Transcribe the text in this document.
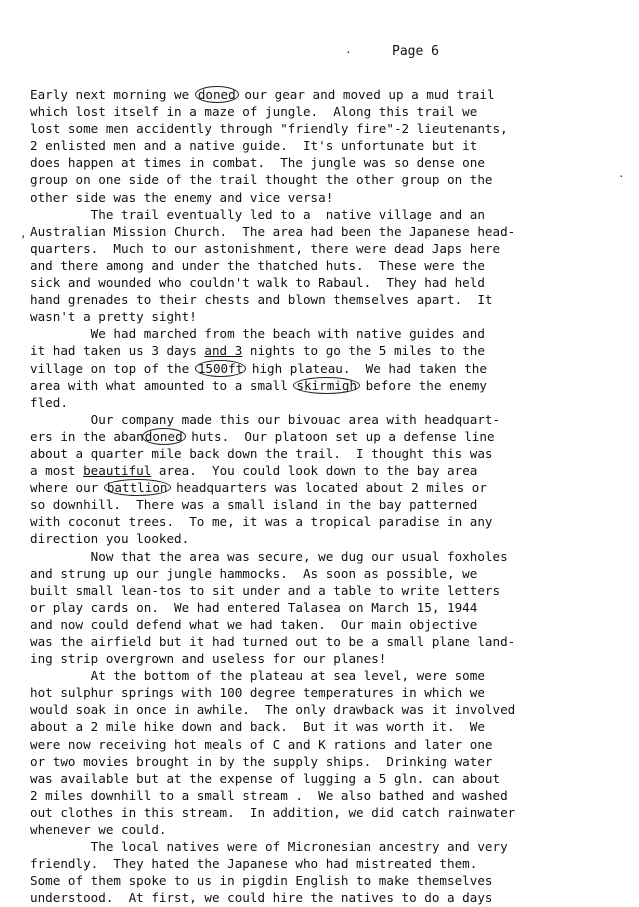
·	Page 6
·
,
Early next morning we doned our gear and moved up a mud trail
which lost itself in a maze of jungle.  Along this trail we
lost some men accidently through "friendly fire"-2 lieutenants,
2 enlisted men and a native guide.  It's unfortunate but it
does happen at times in combat.  The jungle was so dense one
group on one side of the trail thought the other group on the
other side was the enemy and vice versa!
The trail eventually led to a  native village and an
Australian Mission Church.  The area had been the Japanese head-
quarters.  Much to our astonishment, there were dead Japs here
and there among and under the thatched huts.  These were the
sick and wounded who couldn't walk to Rabaul.  They had held
hand grenades to their chests and blown themselves apart.  It
wasn't a pretty sight!
We had marched from the beach with native guides and
it had taken us 3 days and 3 nights to go the 5 miles to the
village on top of the 1500ft high plateau.  We had taken the
area with what amounted to a small skirmigh before the enemy
fled.
Our company made this our bivouac area with headquart-
ers in the abandoned huts.  Our platoon set up a defense line
about a quarter mile back down the trail.  I thought this was
a most beautiful area.  You could look down to the bay area
where our battlion headquarters was located about 2 miles or
so downhill.  There was a small island in the bay patterned
with coconut trees.  To me, it was a tropical paradise in any
direction you looked.
Now that the area was secure, we dug our usual foxholes
and strung up our jungle hammocks.  As soon as possible, we
built small lean-tos to sit under and a table to write letters
or play cards on.  We had entered Talasea on March 15, 1944
and now could defend what we had taken.  Our main objective
was the airfield but it had turned out to be a small plane land-
ing strip overgrown and useless for our planes!
At the bottom of the plateau at sea level, were some
hot sulphur springs with 100 degree temperatures in which we
would soak in once in awhile.  The only drawback was it involved
about a 2 mile hike down and back.  But it was worth it.  We
were now receiving hot meals of C and K rations and later one
or two movies brought in by the supply ships.  Drinking water
was available but at the expense of lugging a 5 gln. can about
2 miles downhill to a small stream .  We also bathed and washed
out clothes in this stream.  In addition, we did catch rainwater
whenever we could.
The local natives were of Micronesian ancestry and very
friendly.  They hated the Japanese who had mistreated them.
Some of them spoke to us in pigdin English to make themselves
understood.  At first, we could hire the natives to do a days
